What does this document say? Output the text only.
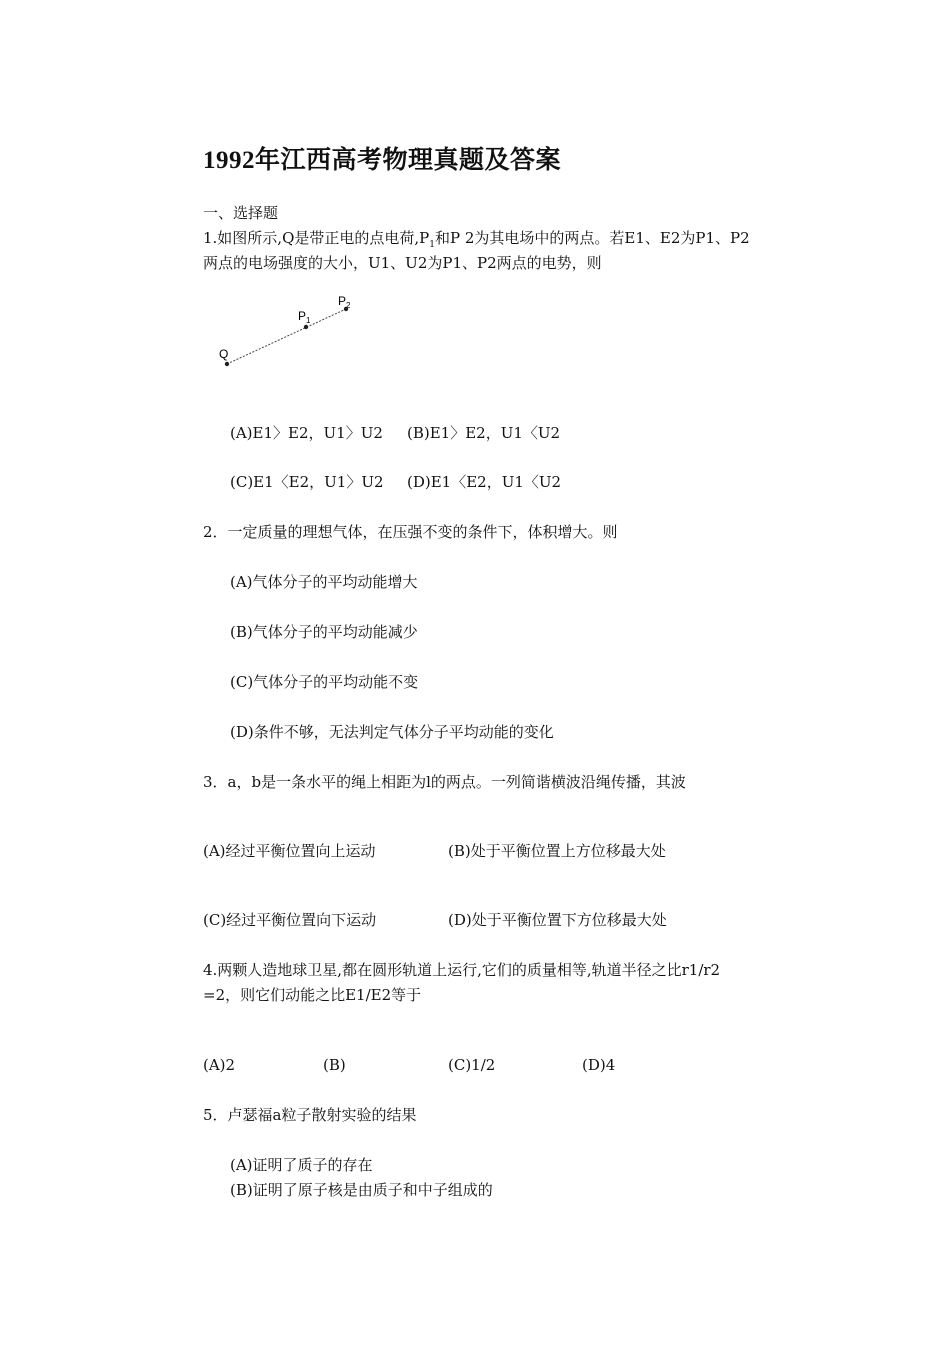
1992年江西高考物理真题及答案
一、选择题
1.如图所示,Q是带正电的点电荷$,P_1$和P 2为其电场中的两点。若E1、E2为P1、P2
两点的电场强度的大小，U1、U2为P1、P2两点的电势，则
Q
$P_1$
$P_2$
(A)E1〉E2，U1〉U2 (B)E1〉E2，U1〈U2
(C)E1〈E2，U1〉U2 (D)E1〈E2，U1〈U2
2．一定质量的理想气体，在压强不变的条件下，体积增大。则
(A)气体分子的平均动能增大
(B)气体分子的平均动能减少
(C)气体分子的平均动能不变
(D)条件不够，无法判定气体分子平均动能的变化
3．a，b是一条水平的绳上相距为l的两点。一列简谐横波沿绳传播，其波
(A)经过平衡位置向上运动	(B)处于平衡位置上方位移最大处
(C)经过平衡位置向下运动	(D)处于平衡位置下方位移最大处
4.两颗人造地球卫星,都在圆形轨道上运行,它们的质量相等,轨道半径之比r1/r2
=2，则它们动能之比E1/E2等于
(A)2	(B)	(C)1/2	(D)4
5．卢瑟福a粒子散射实验的结果
(A)证明了质子的存在
(B)证明了原子核是由质子和中子组成的
